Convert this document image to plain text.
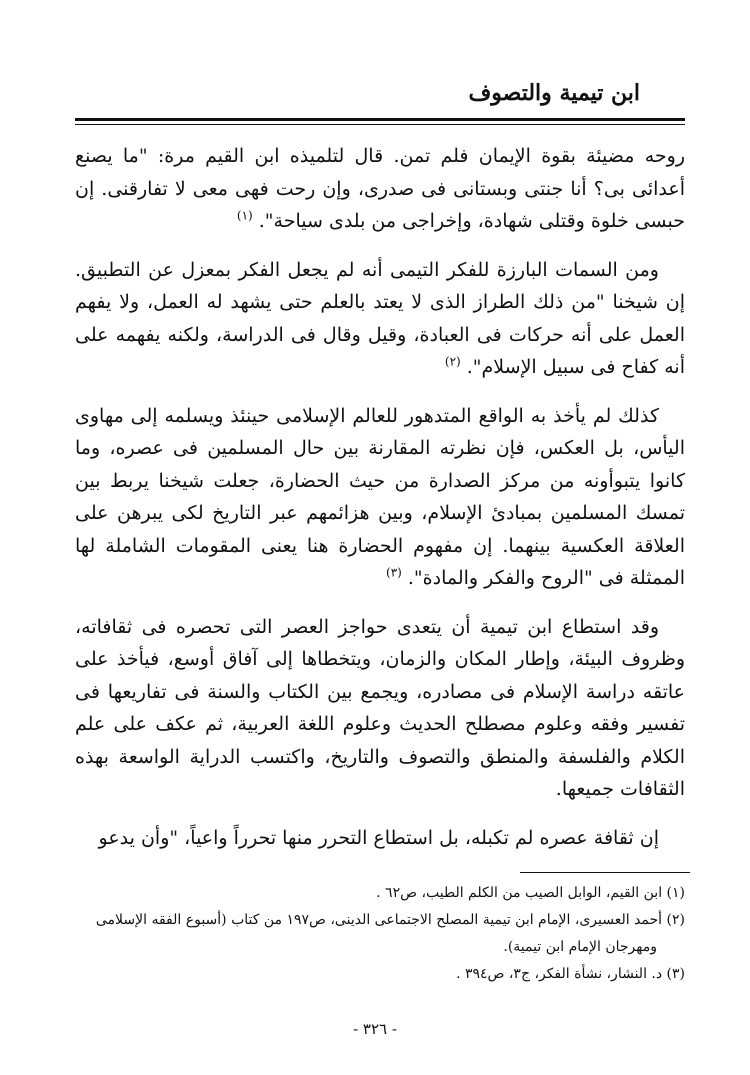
ابن تيمية والتصوف

روحه مضيئة بقوة الإيمان فلم تمن. قال لتلميذه ابن القيم مرة: "ما يصنع أعدائى بى؟ أنا جنتى وبستانى فى صدرى، وإن رحت فهى معى لا تفارقنى. إن حبسى خلوة وقتلى شهادة، وإخراجى من بلدى سياحة". $^{(١)}$

ومن السمات البارزة للفكر التيمى أنه لم يجعل الفكر بمعزل عن التطبيق. إن شيخنا "من ذلك الطراز الذى لا يعتد بالعلم حتى يشهد له العمل، ولا يفهم العمل على أنه حركات فى العبادة، وقيل وقال فى الدراسة، ولكنه يفهمه على أنه كفاح فى سبيل الإسلام". $^{(٢)}$

كذلك لم يأخذ به الواقع المتدهور للعالم الإسلامى حينئذ ويسلمه إلى مهاوى اليأس، بل العكس، فإن نظرته المقارنة بين حال المسلمين فى عصره، وما كانوا يتبوأونه من مركز الصدارة من حيث الحضارة، جعلت شيخنا يربط بين تمسك المسلمين بمبادئ الإسلام، وبين هزائمهم عبر التاريخ لكى يبرهن على العلاقة العكسية بينهما. إن مفهوم الحضارة هنا يعنى المقومات الشاملة لها الممثلة فى "الروح والفكر والمادة". $^{(٣)}$

وقد استطاع ابن تيمية أن يتعدى حواجز العصر التى تحصره فى ثقافاته، وظروف البيئة، وإطار المكان والزمان، ويتخطاها إلى آفاق أوسع، فيأخذ على عاتقه دراسة الإسلام فى مصادره، ويجمع بين الكتاب والسنة فى تفاريعها فى تفسير وفقه وعلوم مصطلح الحديث وعلوم اللغة العربية، ثم عكف على علم الكلام والفلسفة والمنطق والتصوف والتاريخ، واكتسب الدراية الواسعة بهذه الثقافات جميعها.

إن ثقافة عصره لم تكبله، بل استطاع التحرر منها تحرراً واعياً، "وأن يدعو

(١) ابن القيم، الوابل الصيب من الكلم الطيب، ص٦٢ .

(٢) أحمد العسيرى، الإمام ابن تيمية المصلح الاجتماعى الدينى، ص١٩٧ من كتاب (أسبوع الفقه الإسلامى

ومهرجان الإمام ابن تيمية).

(٣) د. النشار، نشأة الفكر، ج٣، ص٣٩٤ .

- ٣٢٦ -
